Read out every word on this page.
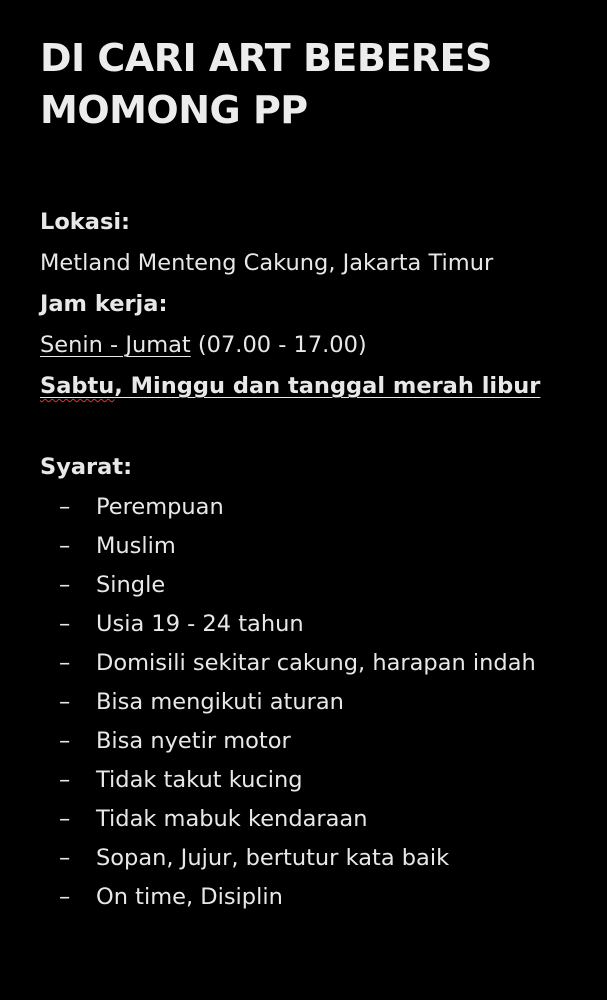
DI CARI ART BEBERES
MOMONG PP
Lokasi:
Metland Menteng Cakung, Jakarta Timur
Jam kerja:
Senin - Jumat (07.00 - 17.00)
Sabtu, Minggu dan tanggal merah libur
Syarat:
– Perempuan
– Muslim
– Single
– Usia 19 - 24 tahun
– Domisili sekitar cakung, harapan indah
– Bisa mengikuti aturan
– Bisa nyetir motor
– Tidak takut kucing
– Tidak mabuk kendaraan
– Sopan, Jujur, bertutur kata baik
– On time, Disiplin
